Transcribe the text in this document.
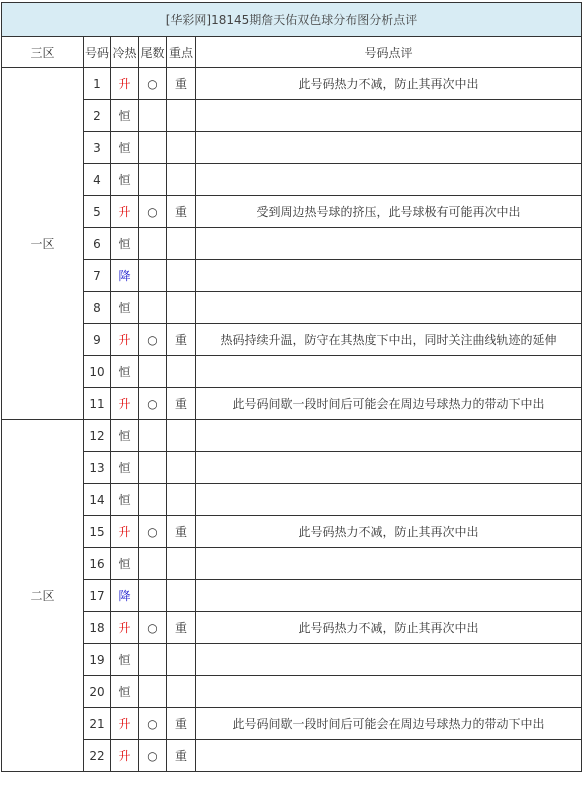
[华彩网]18145期詹天佑双色球分布图分析点评					
三区	号码	冷热	尾数	重点	号码点评
一区	1	升	○	重	此号码热力不减，防止其再次中出
	2	恒			
	3	恒			
	4	恒			
	5	升	○	重	受到周边热号球的挤压，此号球极有可能再次中出
	6	恒			
	7	降			
	8	恒			
	9	升	○	重	热码持续升温，防守在其热度下中出，同时关注曲线轨迹的延伸
	10	恒			
	11	升	○	重	此号码间歇一段时间后可能会在周边号球热力的带动下中出
二区	12	恒			
	13	恒			
	14	恒			
	15	升	○	重	此号码热力不减，防止其再次中出
	16	恒			
	17	降			
	18	升	○	重	此号码热力不减，防止其再次中出
	19	恒			
	20	恒			
	21	升	○	重	此号码间歇一段时间后可能会在周边号球热力的带动下中出
	22	升	○	重	
